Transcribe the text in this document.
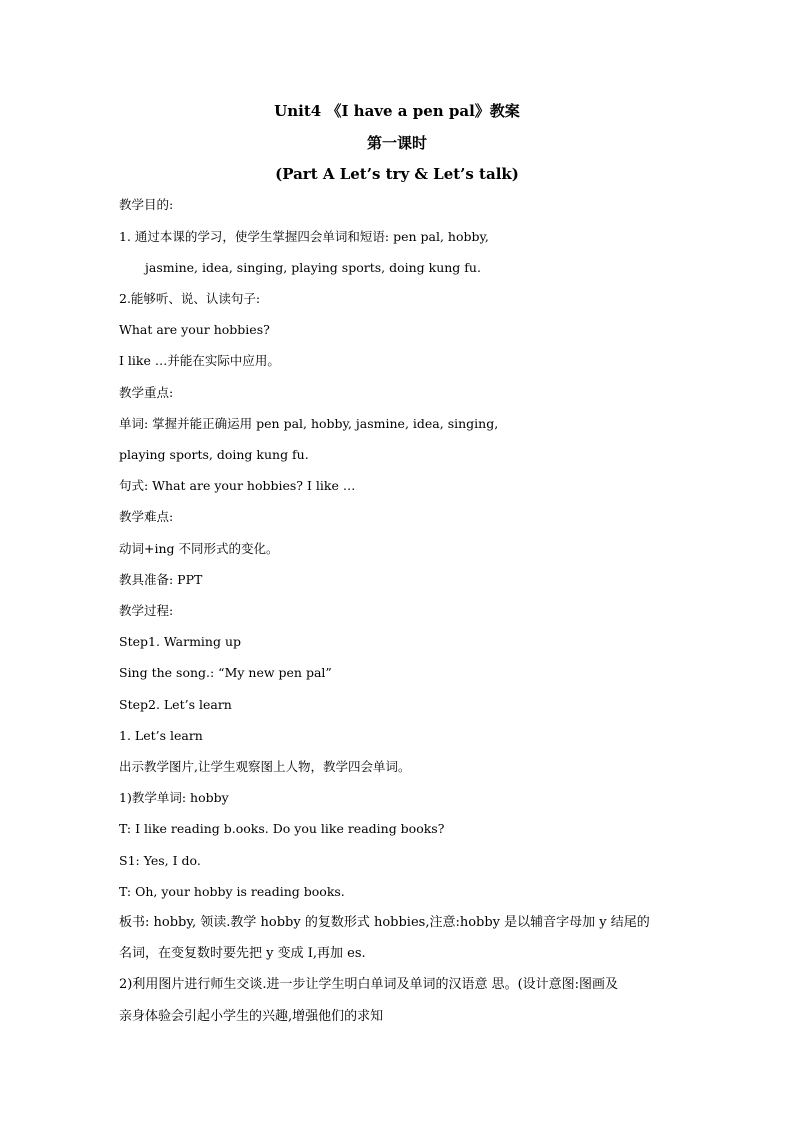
Unit4 《I have a pen pal》教案
第一课时
(Part A Let’s try & Let’s talk)
教学目的:
1. 通过本课的学习，使学生掌握四会单词和短语: pen pal, hobby,
jasmine, idea, singing, playing sports, doing kung fu.
2.能够听、说、认读句子:
What are your hobbies?
I like …并能在实际中应用。
教学重点:
单词: 掌握并能正确运用 pen pal, hobby, jasmine, idea, singing,
playing sports, doing kung fu.
句式: What are your hobbies? I like …
教学难点:
动词+ing 不同形式的变化。
教具准备: PPT
教学过程:
Step1. Warming up
Sing the song.: “My new pen pal”
Step2. Let’s learn
1. Let’s learn
出示教学图片,让学生观察图上人物，教学四会单词。
1)教学单词: hobby
T: I like reading b.ooks. Do you like reading books?
S1: Yes, I do.
T: Oh, your hobby is reading books.
板书: hobby, 领读.教学 hobby 的复数形式 hobbies,注意:hobby 是以辅音字母加 y 结尾的
名词，在变复数时要先把 y 变成 I,再加 es.
2)利用图片进行师生交谈.进一步让学生明白单词及单词的汉语意 思。(设计意图:图画及
亲身体验会引起小学生的兴趣,增强他们的求知
